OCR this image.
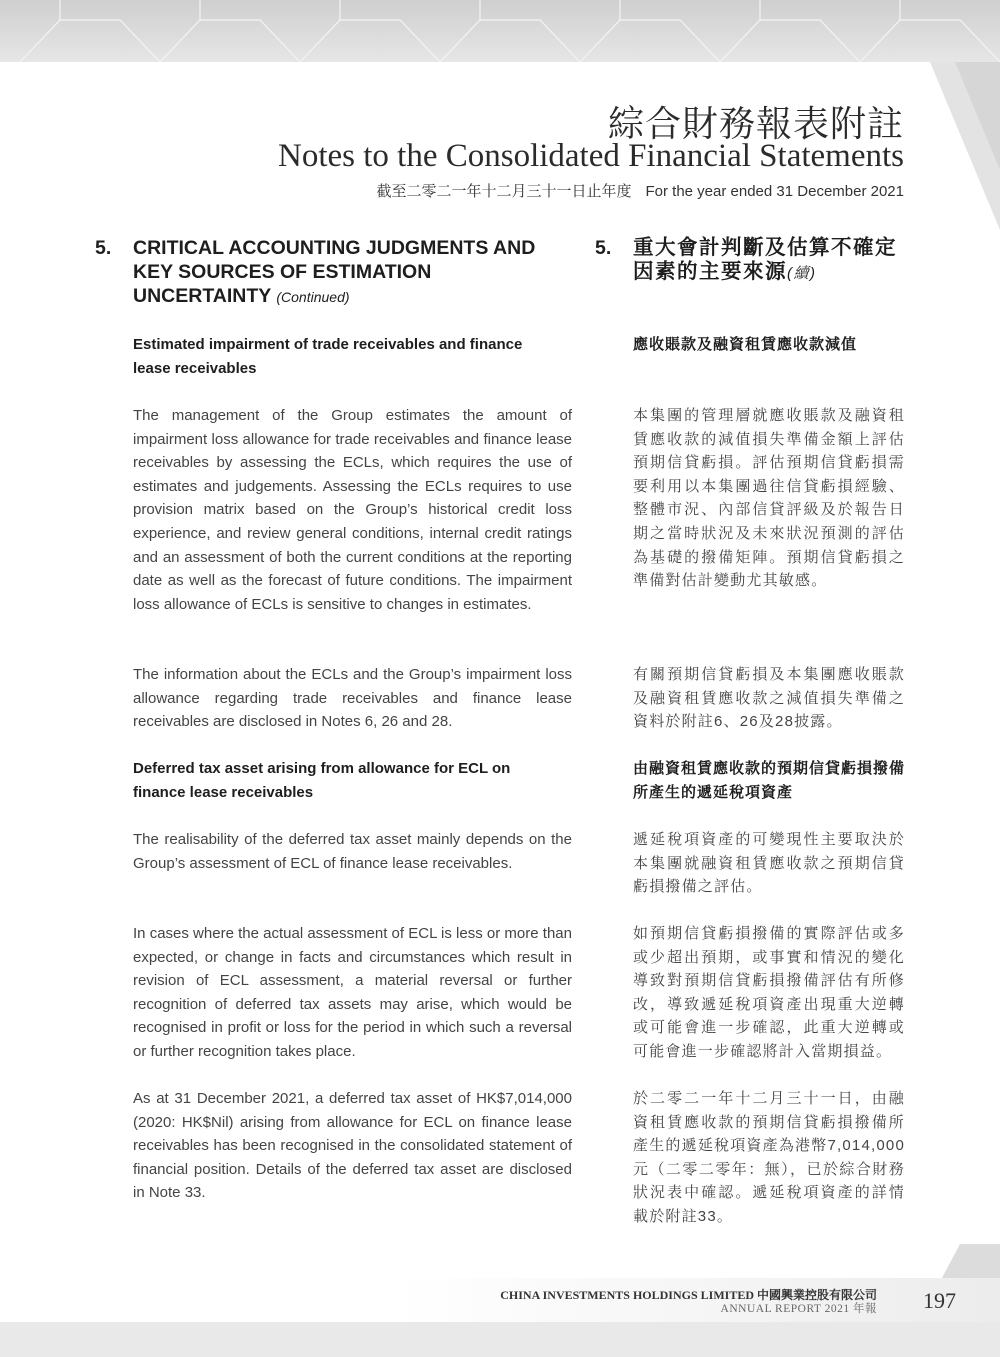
綜合財務報表附註
Notes to the Consolidated Financial Statements
截至二零二一年十二月三十一日止年度 For the year ended 31 December 2021
5.	CRITICAL ACCOUNTING JUDGMENTS AND KEY SOURCES OF ESTIMATION UNCERTAINTY (Continued)

Estimated impairment of trade receivables and finance lease receivables

The management of the Group estimates the amount of impairment loss allowance for trade receivables and finance lease receivables by assessing the ECLs, which requires the use of estimates and judgements. Assessing the ECLs requires to use provision matrix based on the Group’s historical credit loss experience, and review general conditions, internal credit ratings and an assessment of both the current conditions at the reporting date as well as the forecast of future conditions. The impairment loss allowance of ECLs is sensitive to changes in estimates.

The information about the ECLs and the Group’s impairment loss allowance regarding trade receivables and finance lease receivables are disclosed in Notes 6, 26 and 28.

Deferred tax asset arising from allowance for ECL on finance lease receivables

The realisability of the deferred tax asset mainly depends on the Group’s assessment of ECL of finance lease receivables.

In cases where the actual assessment of ECL is less or more than expected, or change in facts and circumstances which result in revision of ECL assessment, a material reversal or further recognition of deferred tax assets may arise, which would be recognised in profit or loss for the period in which such a reversal or further recognition takes place.

As at 31 December 2021, a deferred tax asset of HK$7,014,000 (2020: HK$Nil) arising from allowance for ECL on finance lease receivables has been recognised in the consolidated statement of financial position. Details of the deferred tax asset are disclosed in Note 33.

5.	重大會計判斷及估算不確定因素的主要來源(續)

應收賬款及融資租賃應收款減值

本集團的管理層就應收賬款及融資租賃應收款的減值損失準備金額上評估預期信貸虧損。評估預期信貸虧損需要利用以本集團過往信貸虧損經驗、整體市況、內部信貸評級及於報告日期之當時狀況及未來狀況預測的評估為基礎的撥備矩陣。預期信貸虧損之準備對估計變動尤其敏感。

有關預期信貸虧損及本集團應收賬款及融資租賃應收款之減值損失準備之資料於附註6、26及28披露。

由融資租賃應收款的預期信貸虧損撥備所產生的遞延稅項資產

遞延稅項資產的可變現性主要取決於本集團就融資租賃應收款之預期信貸虧損撥備之評估。

如預期信貸虧損撥備的實際評估或多或少超出預期，或事實和情況的變化導致對預期信貸虧損撥備評估有所修改，導致遞延稅項資產出現重大逆轉或可能會進一步確認，此重大逆轉或可能會進一步確認將計入當期損益。

於二零二一年十二月三十一日，由融資租賃應收款的預期信貸虧損撥備所產生的遞延稅項資產為港幣7,014,000元（二零二零年：無），已於綜合財務狀況表中確認。遞延稅項資產的詳情載於附註33。

CHINA INVESTMENTS HOLDINGS LIMITED 中國興業控股有限公司
ANNUAL REPORT 2021 年報 197
